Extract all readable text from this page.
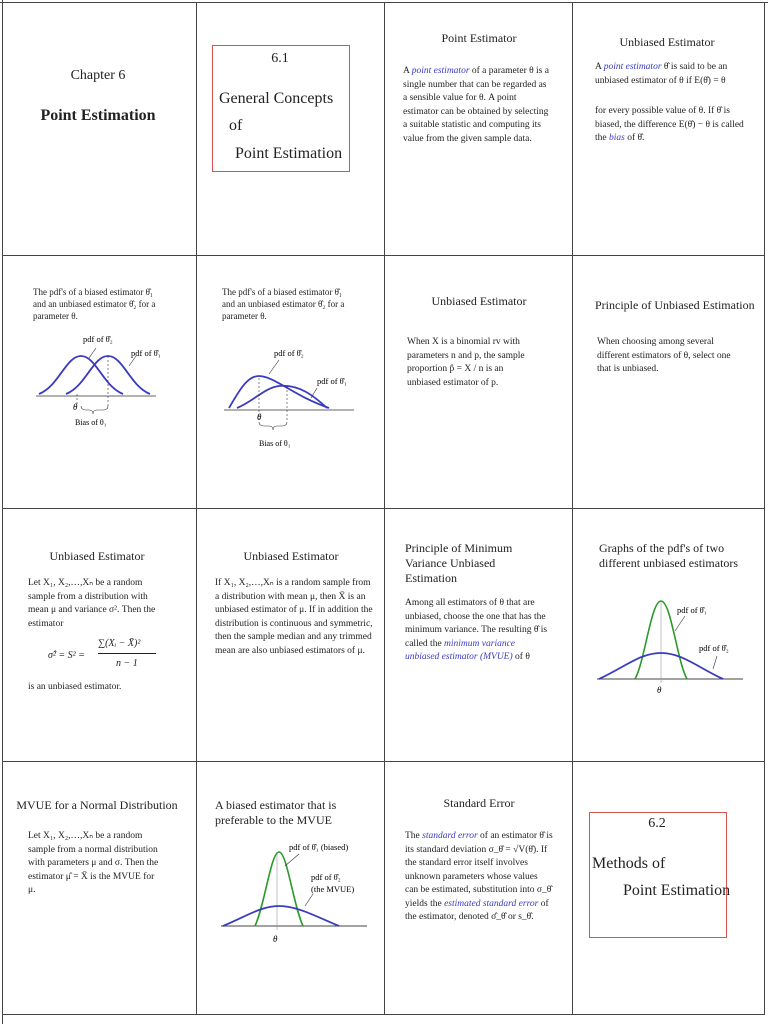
Chapter 6
Point Estimation
6.1
General Concepts
of
Point Estimation
Point Estimator
A point estimator of a parameter θ is a single number that can be regarded as a sensible value for θ. A point estimator can be obtained by selecting a suitable statistic and computing its value from the given sample data.
Unbiased Estimator
A point estimator θ̂ is said to be an unbiased estimator of θ if E(θ̂) = θ
for every possible value of θ. If θ̂ is biased, the difference E(θ̂) − θ is called the bias of θ̂.
The pdf's of a biased estimator θ̂₁ and an unbiased estimator θ̂₂ for a parameter θ.
pdf of θ̂₂
pdf of θ̂₁
θ
Bias of θ₁
The pdf's of a biased estimator θ̂₁ and an unbiased estimator θ̂₂ for a parameter θ.
pdf of θ̂₂
pdf of θ̂₁
θ
Bias of θ₁
Unbiased Estimator
When X is a binomial rv with parameters n and p, the sample proportion p̂ = X / n is an unbiased estimator of p.
Principle of Unbiased Estimation
When choosing among several different estimators of θ, select one that is unbiased.
Unbiased Estimator
Let X₁, X₂,…,Xₙ be a random sample from a distribution with mean μ and variance σ². Then the estimator
σ̂² = S² =
∑(Xᵢ − X̄)²
n − 1
is an unbiased estimator.
Unbiased Estimator
If X₁, X₂,…,Xₙ is a random sample from a distribution with mean μ, then X̄ is an unbiased estimator of μ. If in addition the distribution is continuous and symmetric, then the sample median and any trimmed mean are also unbiased estimators of μ.
Principle of Minimum Variance Unbiased Estimation
Among all estimators of θ that are unbiased, choose the one that has the minimum variance. The resulting θ̂ is called the minimum variance unbiased estimator (MVUE) of θ
Graphs of the pdf's of two different unbiased estimators
pdf of θ̂₁
pdf of θ̂₂
θ
MVUE for a Normal Distribution
Let X₁, X₂,…,Xₙ be a random sample from a normal distribution with parameters μ and σ. Then the estimator μ̂ = X̄ is the MVUE for μ.
A biased estimator that is preferable to the MVUE
pdf of θ̂₁ (biased)
pdf of θ̂₂
(the MVUE)
θ
Standard Error
The standard error of an estimator θ̂ is its standard deviation σ_θ̂ = √V(θ̂). If the standard error itself involves unknown parameters whose values can be estimated, substitution into σ_θ̂ yields the estimated standard error of the estimator, denoted σ̂_θ̂ or s_θ̂.
6.2
Methods of
Point Estimation
